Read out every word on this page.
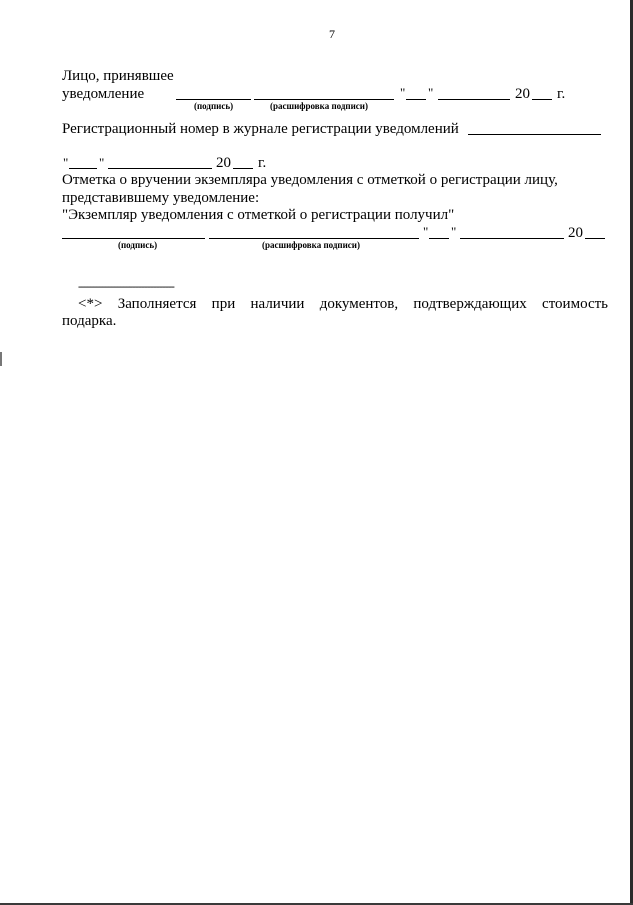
7
Лицо, принявшее
уведомление
(подпись)	(расшифровка подписи)
" "	20 г.
Регистрационный номер в журнале регистрации уведомлений
" "	20 г.
Отметка о вручении экземпляра уведомления с отметкой о регистрации лицу,
представившему уведомление:
"Экземпляр уведомления с отметкой о регистрации получил"
(подпись)	(расшифровка подписи)
" "	20
--------------------------------
<*> Заполняется при наличии документов, подтверждающих стоимость
подарка.
